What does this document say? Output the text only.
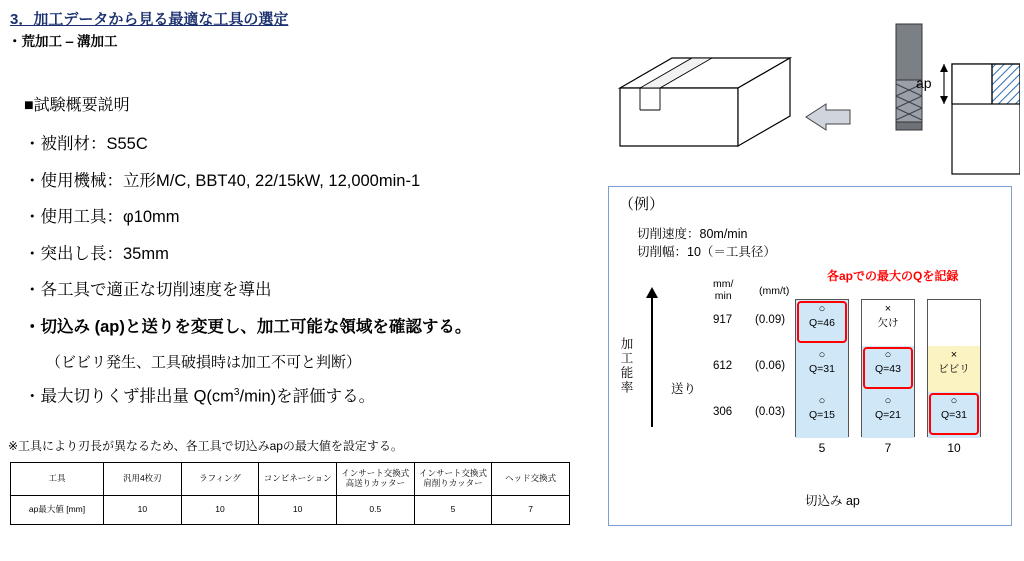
3．加工データから見る最適な工具の選定
・荒加工 ‒ 溝加工
■試験概要説明
・被削材：S55C
・使用機械：立形M/C, BBT40, 22/15kW, 12,000min-1
・使用工具：φ10mm
・突出し長：35mm
・各工具で適正な切削速度を導出
・切込み (ap)と送りを変更し、加工可能な領域を確認する。
（ビビリ発生、工具破損時は加工不可と判断）
・最大切りくず排出量 $Q(cm^3/\min)$を評価する。
※工具により刃長が異なるため、各工具で切込みapの最大値を設定する。
工具	汎用4枚刃	ラフィング	コンビネーション	インサート交換式
高送りカッター	インサート交換式
肩削りカッター	ヘッド交換式
ap最大値 [mm]	10	10	10	0.5	5	7
ap
（例）
切削速度：80m/min
切削幅：10（＝工具径）
各apでの最大のQを記録
mm/
min	(mm/t)
加工能率	送り
917 (0.09)
612 (0.06)
306 (0.03)
○
Q=46
○
Q=31
○
Q=15
×
欠け
○
Q=43
○
Q=21
×
ビビリ
○
Q=31
5	7	10
切込み ap
